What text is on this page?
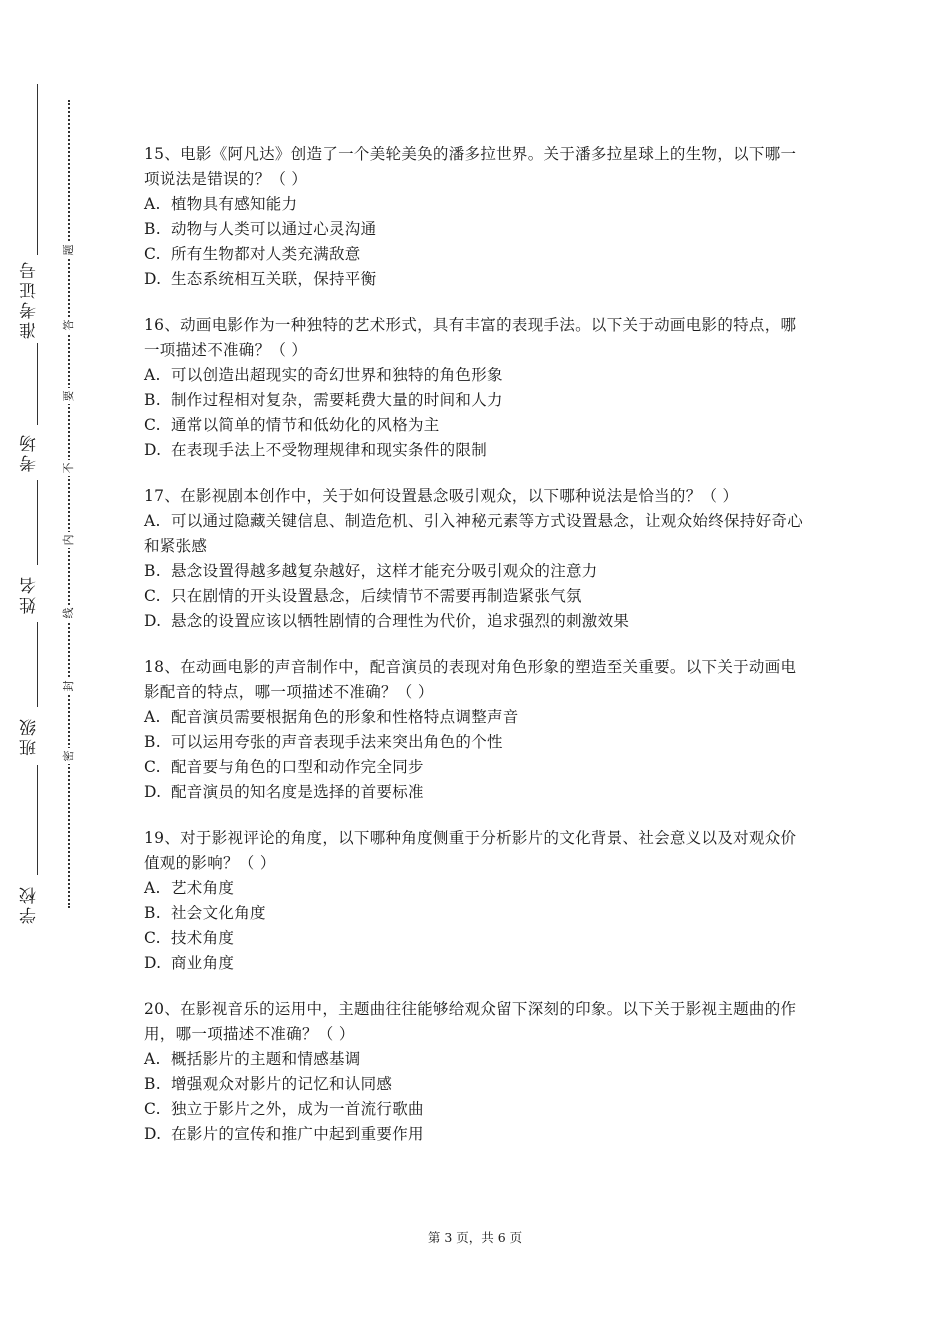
准考证号
考场
姓名
班级
学校
题
答
要
不
内
线
封
密

15、电影《阿凡达》创造了一个美轮美奂的潘多拉世界。关于潘多拉星球上的生物，以下哪一项说法是错误的？（ ）

A. 植物具有感知能力

B. 动物与人类可以通过心灵沟通

C. 所有生物都对人类充满敌意

D. 生态系统相互关联，保持平衡

16、动画电影作为一种独特的艺术形式，具有丰富的表现手法。以下关于动画电影的特点，哪一项描述不准确？（ ）

A. 可以创造出超现实的奇幻世界和独特的角色形象

B. 制作过程相对复杂，需要耗费大量的时间和人力

C. 通常以简单的情节和低幼化的风格为主

D. 在表现手法上不受物理规律和现实条件的限制

17、在影视剧本创作中，关于如何设置悬念吸引观众，以下哪种说法是恰当的？（ ）

A. 可以通过隐藏关键信息、制造危机、引入神秘元素等方式设置悬念，让观众始终保持好奇心和紧张感

B. 悬念设置得越多越复杂越好，这样才能充分吸引观众的注意力

C. 只在剧情的开头设置悬念，后续情节不需要再制造紧张气氛

D. 悬念的设置应该以牺牲剧情的合理性为代价，追求强烈的刺激效果

18、在动画电影的声音制作中，配音演员的表现对角色形象的塑造至关重要。以下关于动画电影配音的特点，哪一项描述不准确？（ ）

A. 配音演员需要根据角色的形象和性格特点调整声音

B. 可以运用夸张的声音表现手法来突出角色的个性

C. 配音要与角色的口型和动作完全同步

D. 配音演员的知名度是选择的首要标准

19、对于影视评论的角度，以下哪种角度侧重于分析影片的文化背景、社会意义以及对观众价值观的影响？（ ）

A. 艺术角度

B. 社会文化角度

C. 技术角度

D. 商业角度

20、在影视音乐的运用中，主题曲往往能够给观众留下深刻的印象。以下关于影视主题曲的作用，哪一项描述不准确？（ ）

A. 概括影片的主题和情感基调

B. 增强观众对影片的记忆和认同感

C. 独立于影片之外，成为一首流行歌曲

D. 在影片的宣传和推广中起到重要作用

第 3 页，共 6 页
